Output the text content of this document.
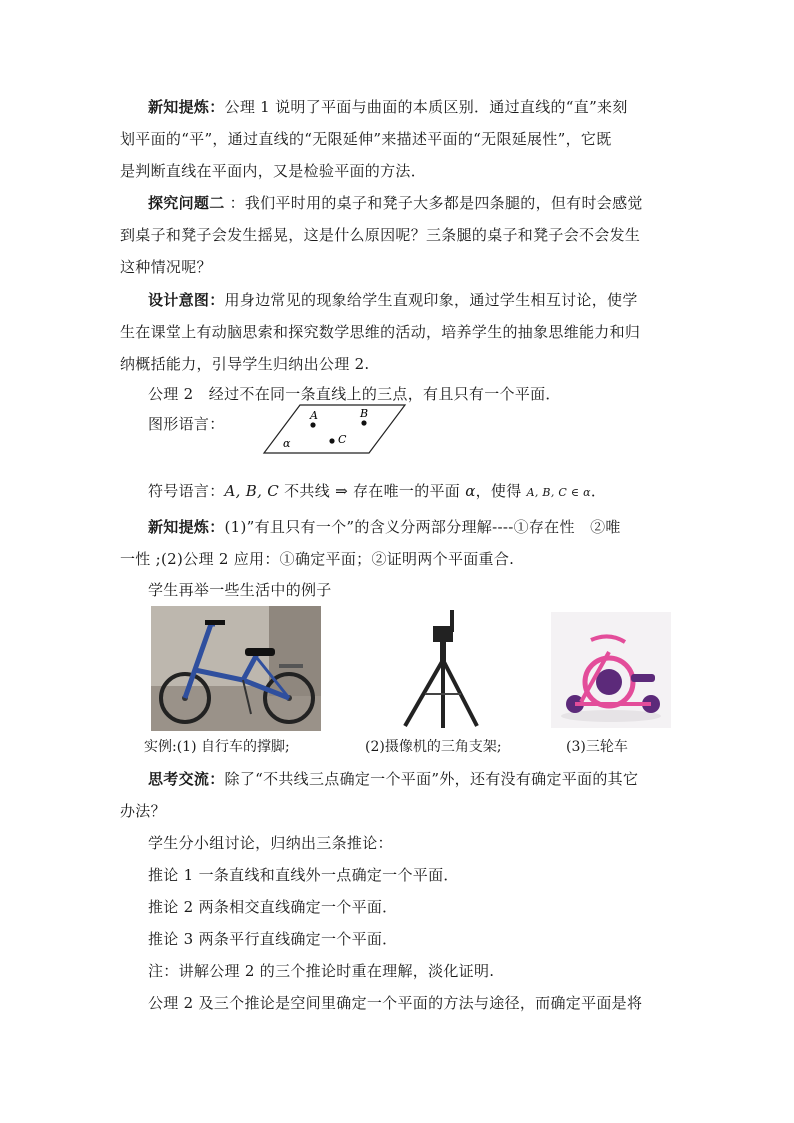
新知提炼：公理 1 说明了平面与曲面的本质区别．通过直线的“直”来刻
划平面的“平”，通过直线的“无限延伸”来描述平面的“无限延展性”，它既
是判断直线在平面内，又是检验平面的方法．
探究问题二 ：我们平时用的桌子和凳子大多都是四条腿的，但有时会感觉
到桌子和凳子会发生摇晃，这是什么原因呢？三条腿的桌子和凳子会不会发生
这种情况呢？
设计意图：用身边常见的现象给学生直观印象，通过学生相互讨论，使学
生在课堂上有动脑思索和探究数学思维的活动，培养学生的抽象思维能力和归
纳概括能力，引导学生归纳出公理 2.
公理 2　经过不在同一条直线上的三点，有且只有一个平面．
图形语言：	A	B
C
α
符号语言：A, B, C 不共线 ⇒ 存在唯一的平面 α，使得 A, B, C ∈ α．
新知提炼：(1)”有且只有一个”的含义分两部分理解----①存在性　②唯
一性 ;(2)公理 2 应用：①确定平面；②证明两个平面重合.
学生再举一些生活中的例子
实例:(1) 自行车的撑脚;	(2)摄像机的三角支架;	(3)三轮车
思考交流：除了“不共线三点确定一个平面”外，还有没有确定平面的其它
办法？
学生分小组讨论，归纳出三条推论：
推论 1 一条直线和直线外一点确定一个平面．
推论 2 两条相交直线确定一个平面．
推论 3 两条平行直线确定一个平面．
注：讲解公理 2 的三个推论时重在理解，淡化证明.
公理 2 及三个推论是空间里确定一个平面的方法与途径，而确定平面是将
